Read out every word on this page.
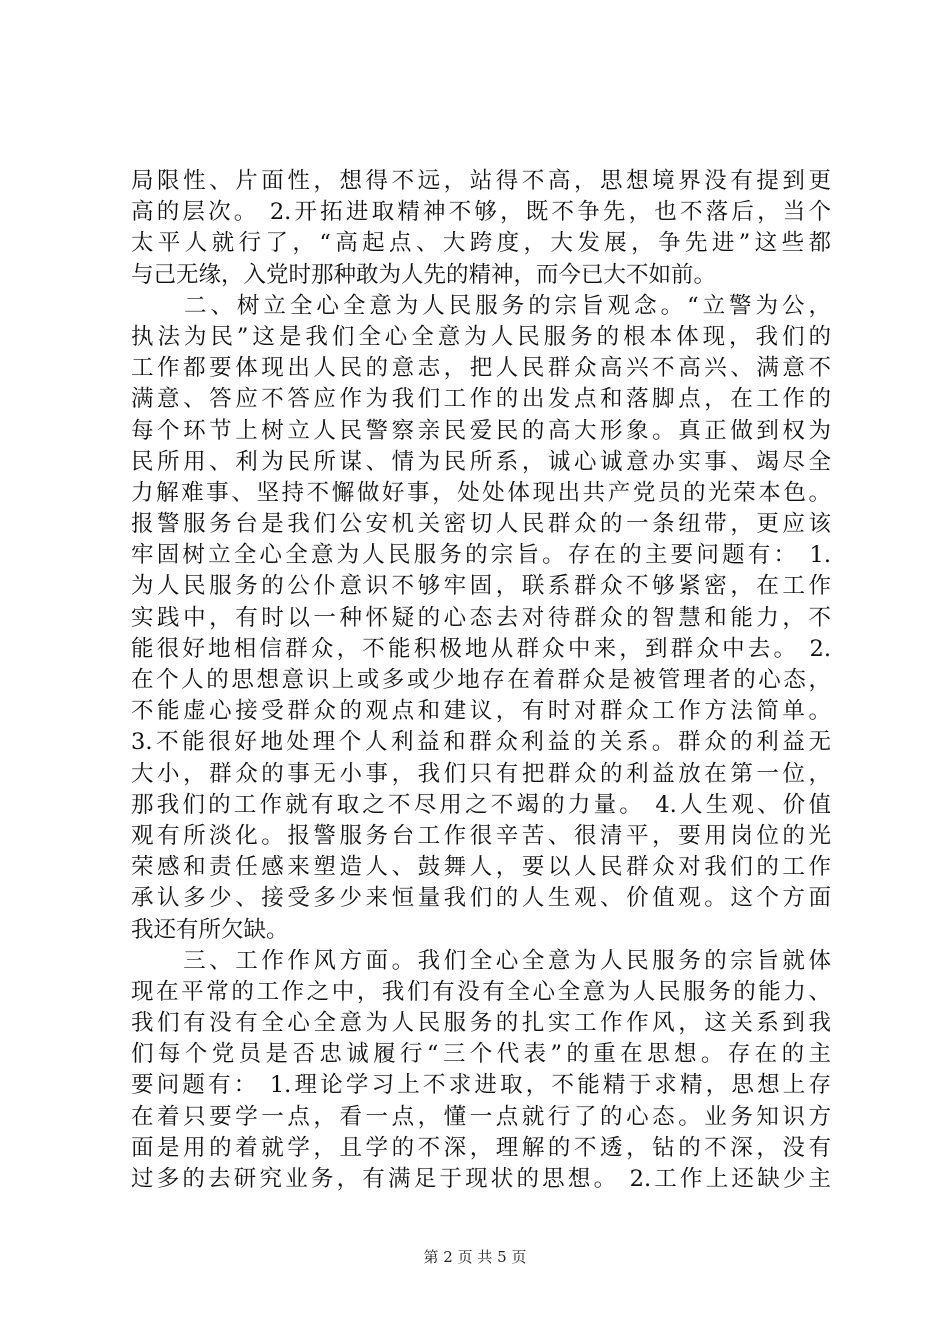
局限性、片面性，想得不远，站得不高，思想境界没有提到更
高的层次。 2.开拓进取精神不够，既不争先，也不落后，当个
太平人就行了，“高起点、大跨度，大发展，争先进”这些都
与己无缘，入党时那种敢为人先的精神，而今已大不如前。
　　二、树立全心全意为人民服务的宗旨观念。“立警为公，
执法为民”这是我们全心全意为人民服务的根本体现，我们的
工作都要体现出人民的意志，把人民群众高兴不高兴、满意不
满意、答应不答应作为我们工作的出发点和落脚点，在工作的
每个环节上树立人民警察亲民爱民的高大形象。真正做到权为
民所用、利为民所谋、情为民所系，诚心诚意办实事、竭尽全
力解难事、坚持不懈做好事，处处体现出共产党员的光荣本色。
报警服务台是我们公安机关密切人民群众的一条纽带，更应该
牢固树立全心全意为人民服务的宗旨。存在的主要问题有： 1.
为人民服务的公仆意识不够牢固，联系群众不够紧密，在工作
实践中，有时以一种怀疑的心态去对待群众的智慧和能力，不
能很好地相信群众，不能积极地从群众中来，到群众中去。 2.
在个人的思想意识上或多或少地存在着群众是被管理者的心态，
不能虚心接受群众的观点和建议，有时对群众工作方法简单。
3.不能很好地处理个人利益和群众利益的关系。群众的利益无
大小，群众的事无小事，我们只有把群众的利益放在第一位，
那我们的工作就有取之不尽用之不竭的力量。 4.人生观、价值
观有所淡化。报警服务台工作很辛苦、很清平，要用岗位的光
荣感和责任感来塑造人、鼓舞人，要以人民群众对我们的工作
承认多少、接受多少来恒量我们的人生观、价值观。这个方面
我还有所欠缺。
　　三、工作作风方面。我们全心全意为人民服务的宗旨就体
现在平常的工作之中，我们有没有全心全意为人民服务的能力、
我们有没有全心全意为人民服务的扎实工作作风，这关系到我
们每个党员是否忠诚履行“三个代表”的重在思想。存在的主
要问题有： 1.理论学习上不求进取，不能精于求精，思想上存
在着只要学一点，看一点，懂一点就行了的心态。业务知识方
面是用的着就学，且学的不深，理解的不透，钻的不深，没有
过多的去研究业务，有满足于现状的思想。 2.工作上还缺少主
第 2 页 共 5 页
